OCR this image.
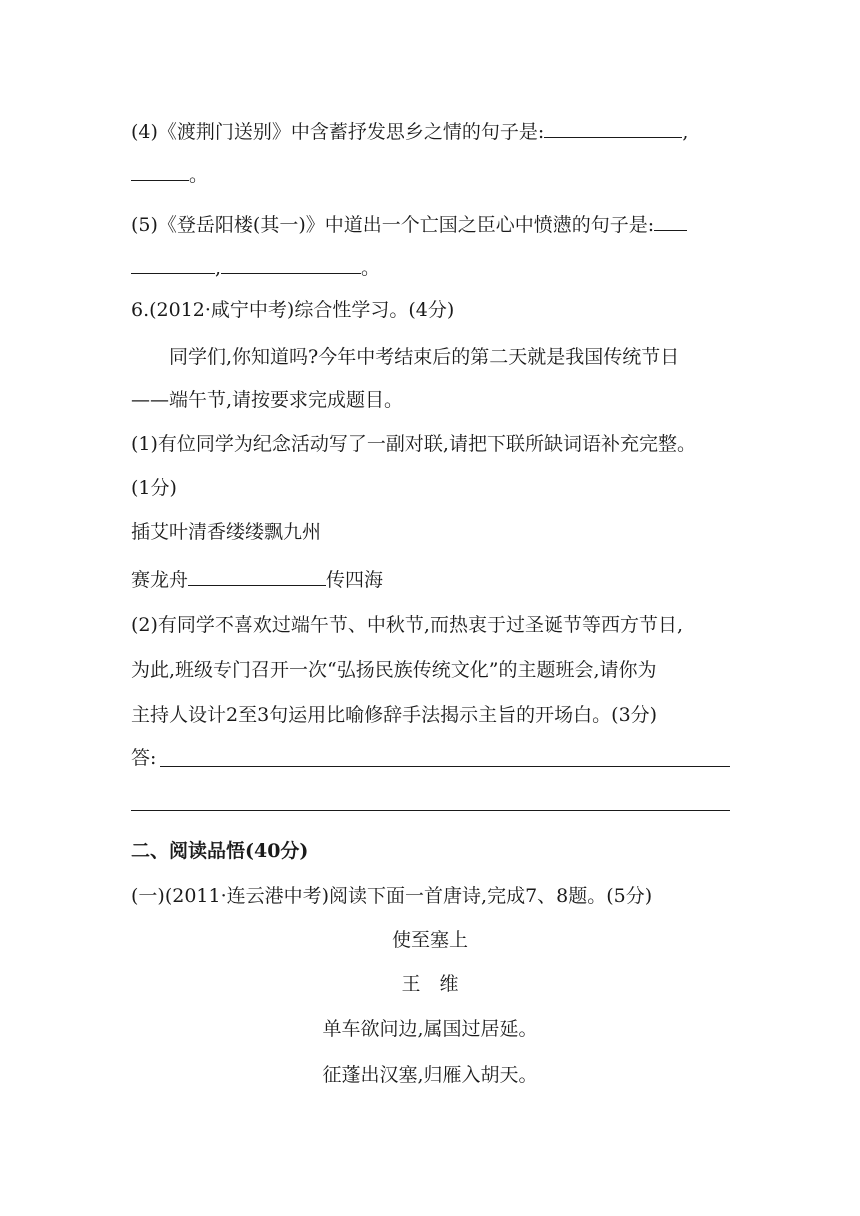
(4)《渡荆门送别》中含蓄抒发思乡之情的句子是:	,
。
(5)《登岳阳楼(其一)》中道出一个亡国之臣心中愤懑的句子是:
,	。
6.(2012·咸宁中考)综合性学习。(4分)
同学们,你知道吗?今年中考结束后的第二天就是我国传统节日
——端午节,请按要求完成题目。
(1)有位同学为纪念活动写了一副对联,请把下联所缺词语补充完整。
(1分)
插艾叶清香缕缕飘九州
赛龙舟	传四海
(2)有同学不喜欢过端午节、中秋节,而热衷于过圣诞节等西方节日,
为此,班级专门召开一次“弘扬民族传统文化”的主题班会,请你为
主持人设计2至3句运用比喻修辞手法揭示主旨的开场白。(3分)
答:
二、阅读品悟(40分)
(一)(2011·连云港中考)阅读下面一首唐诗,完成7、8题。(5分)
使至塞上
王　维
单车欲问边,属国过居延。
征蓬出汉塞,归雁入胡天。
